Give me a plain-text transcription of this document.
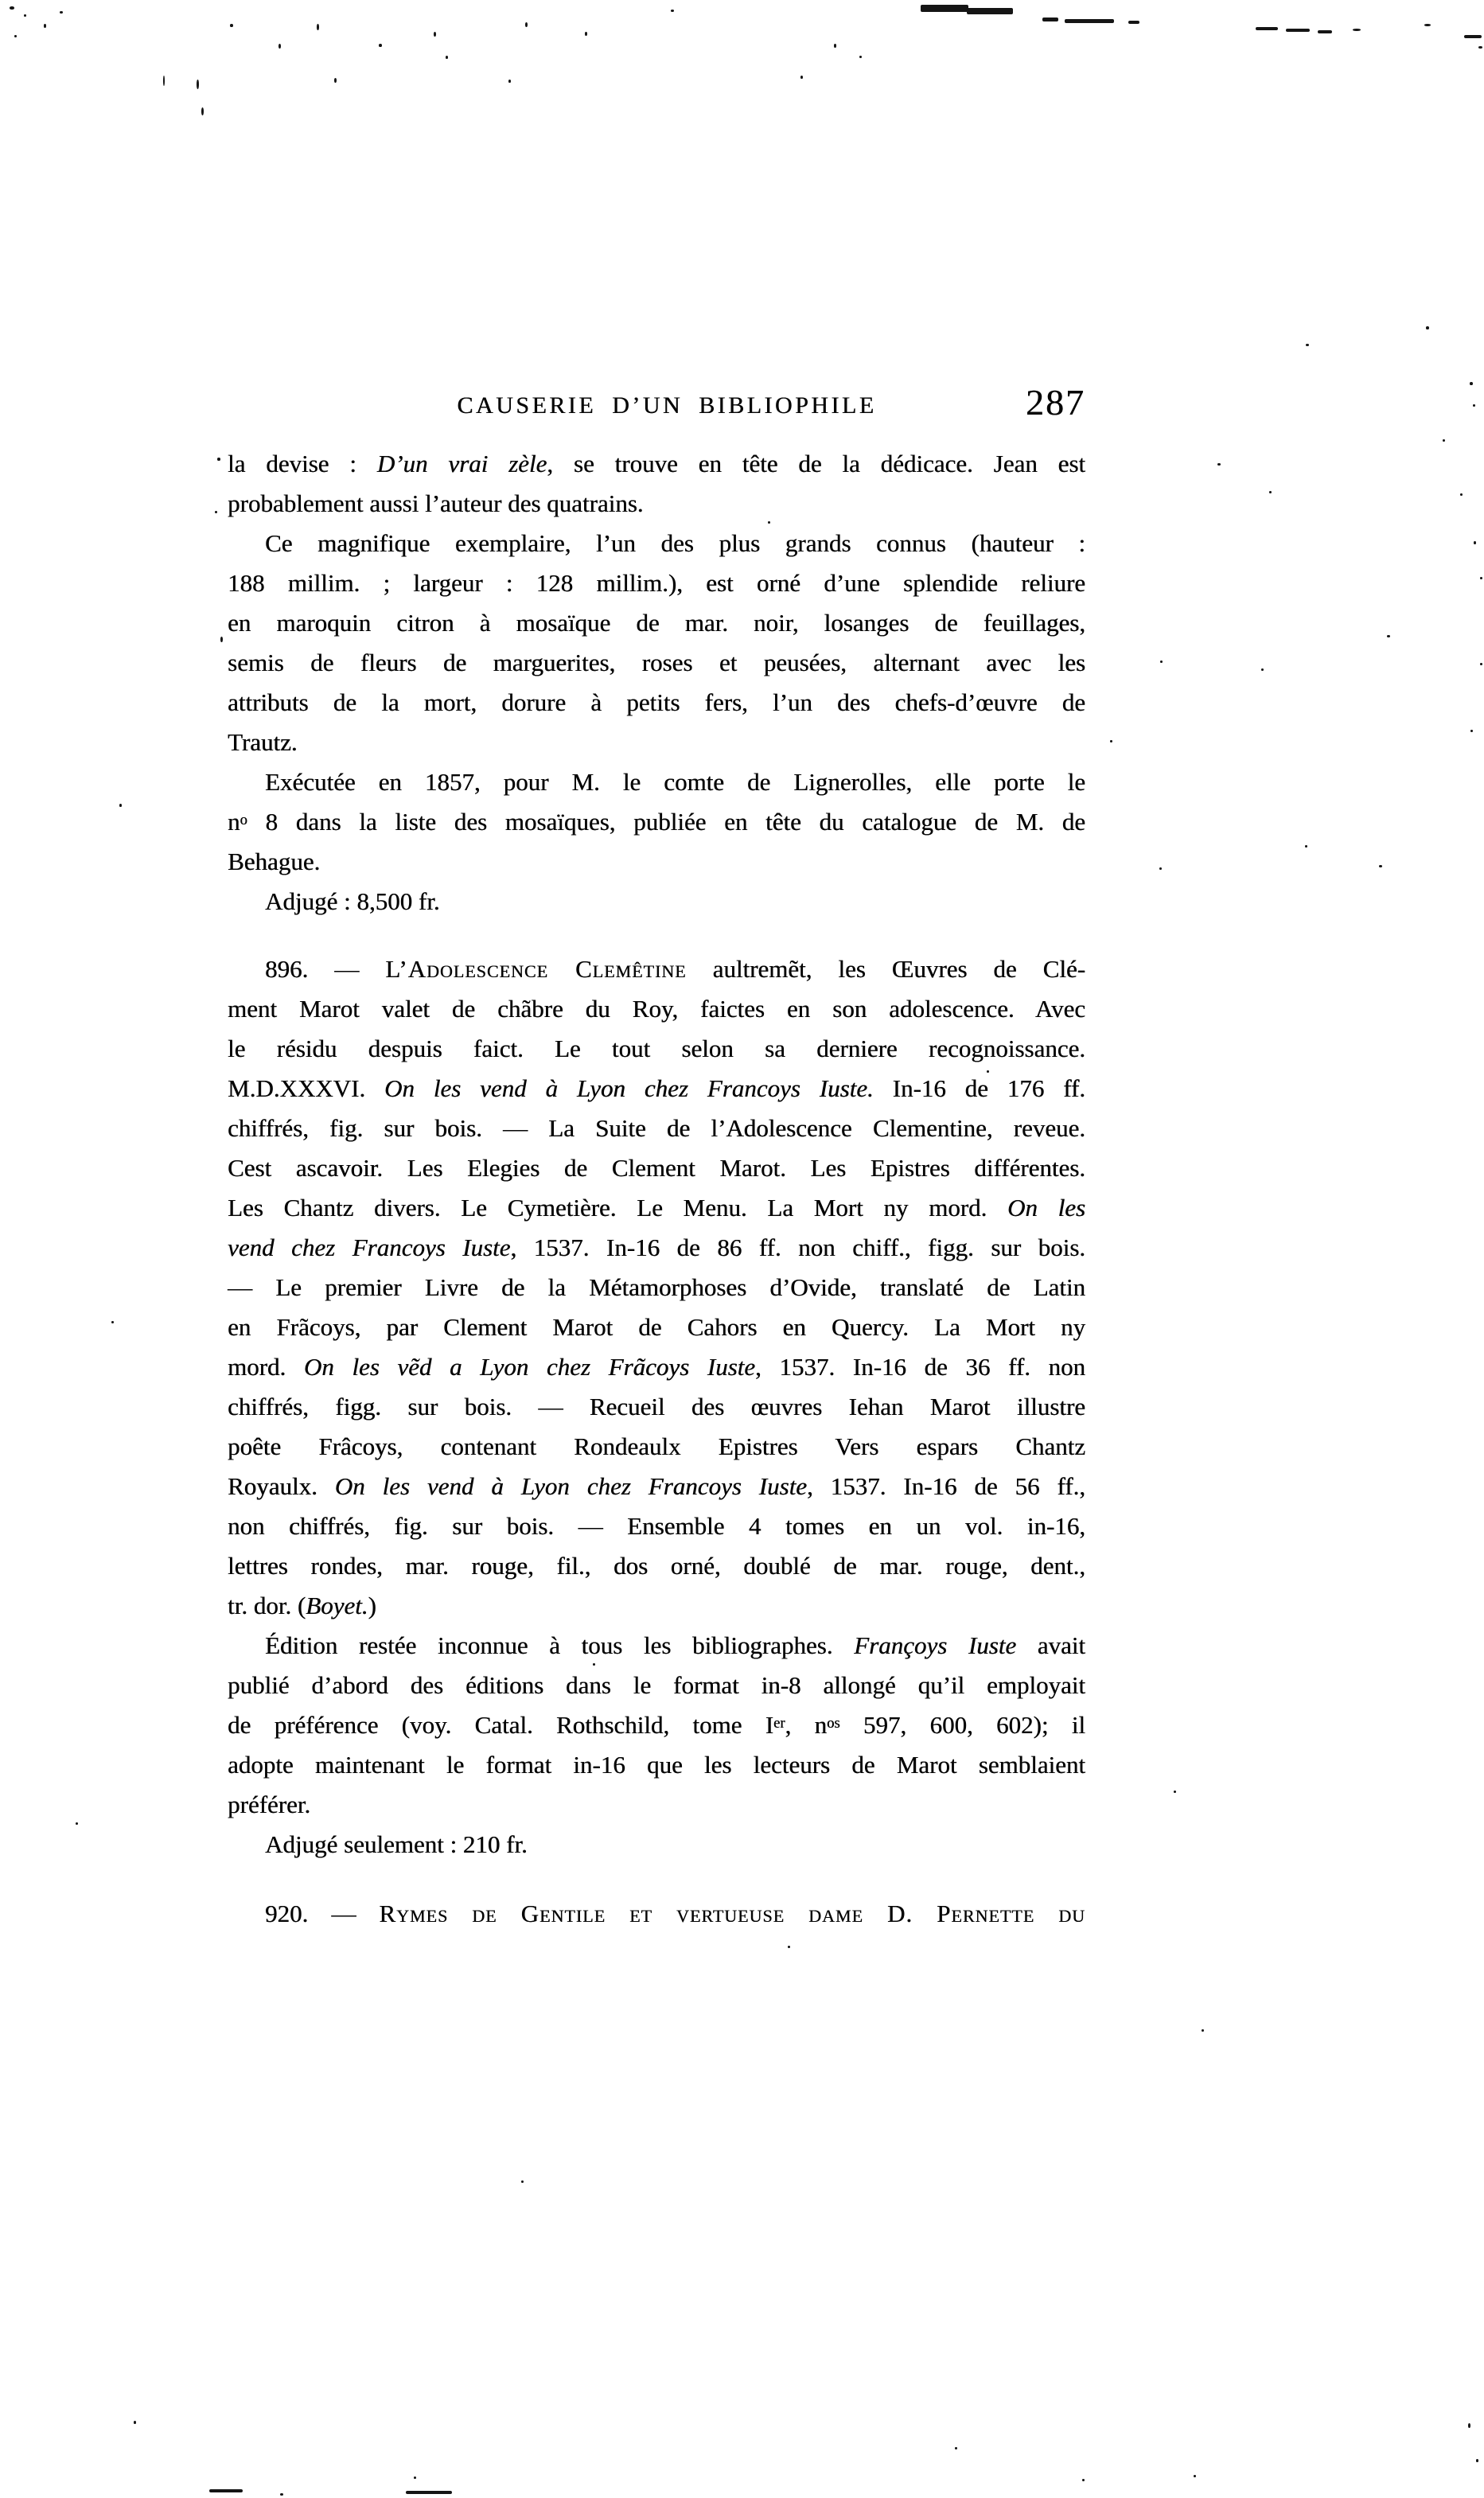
CAUSERIE D’UN BIBLIOPHILE	287
la devise : D’un vrai zèle, se trouve en tête de la dédicace. Jean est
probablement aussi l’auteur des quatrains.
Ce magnifique exemplaire, l’un des plus grands connus (hauteur :
188 millim. ; largeur : 128 millim.), est orné d’une splendide reliure
en maroquin citron à mosaïque de mar. noir, losanges de feuillages,
semis de fleurs de marguerites, roses et peusées, alternant avec les
attributs de la mort, dorure à petits fers, l’un des chefs-d’œuvre de
Trautz.
Exécutée en 1857, pour M. le comte de Lignerolles, elle porte le
$n^o$ 8 dans la liste des mosaïques, publiée en tête du catalogue de M. de
Behague.
Adjugé : 8,500 fr.
896. — L’Adolescence Clemêtine aultremẽt, les Œuvres de Clé-
ment Marot valet de chãbre du Roy, faictes en son adolescence. Avec
le résidu despuis faict. Le tout selon sa derniere recognoissance.
M.D.XXXVI. On les vend à Lyon chez Francoys Iuste. In-16 de 176 ff.
chiffrés, fig. sur bois. — La Suite de l’Adolescence Clementine, reveue.
Cest ascavoir. Les Elegies de Clement Marot. Les Epistres différentes.
Les Chantz divers. Le Cymetière. Le Menu. La Mort ny mord. On les
vend chez Francoys Iuste, 1537. In-16 de 86 ff. non chiff., figg. sur bois.
— Le premier Livre de la Métamorphoses d’Ovide, translaté de Latin
en Frãcoys, par Clement Marot de Cahors en Quercy. La Mort ny
mord. On les vẽd a Lyon chez Frãcoys Iuste, 1537. In-16 de 36 ff. non
chiffrés, figg. sur bois. — Recueil des œuvres Iehan Marot illustre
poête Frâcoys, contenant Rondeaulx Epistres Vers espars Chantz
Royaulx. On les vend à Lyon chez Francoys Iuste, 1537. In-16 de 56 ff.,
non chiffrés, fig. sur bois. — Ensemble 4 tomes en un vol. in-16,
lettres rondes, mar. rouge, fil., dos orné, doublé de mar. rouge, dent.,
tr. dor. (Boyet.)
Édition restée inconnue à tous les bibliographes. Françoys Iuste avait
publié d’abord des éditions dans le format in-8 allongé qu’il employait
de préférence (voy. Catal. Rothschild, tome Ier, $n^{os}$ 597, 600, 602); il
adopte maintenant le format in-16 que les lecteurs de Marot semblaient
préférer.
Adjugé seulement : 210 fr.
920. — Rymes de Gentile et vertueuse dame D. Pernette du
